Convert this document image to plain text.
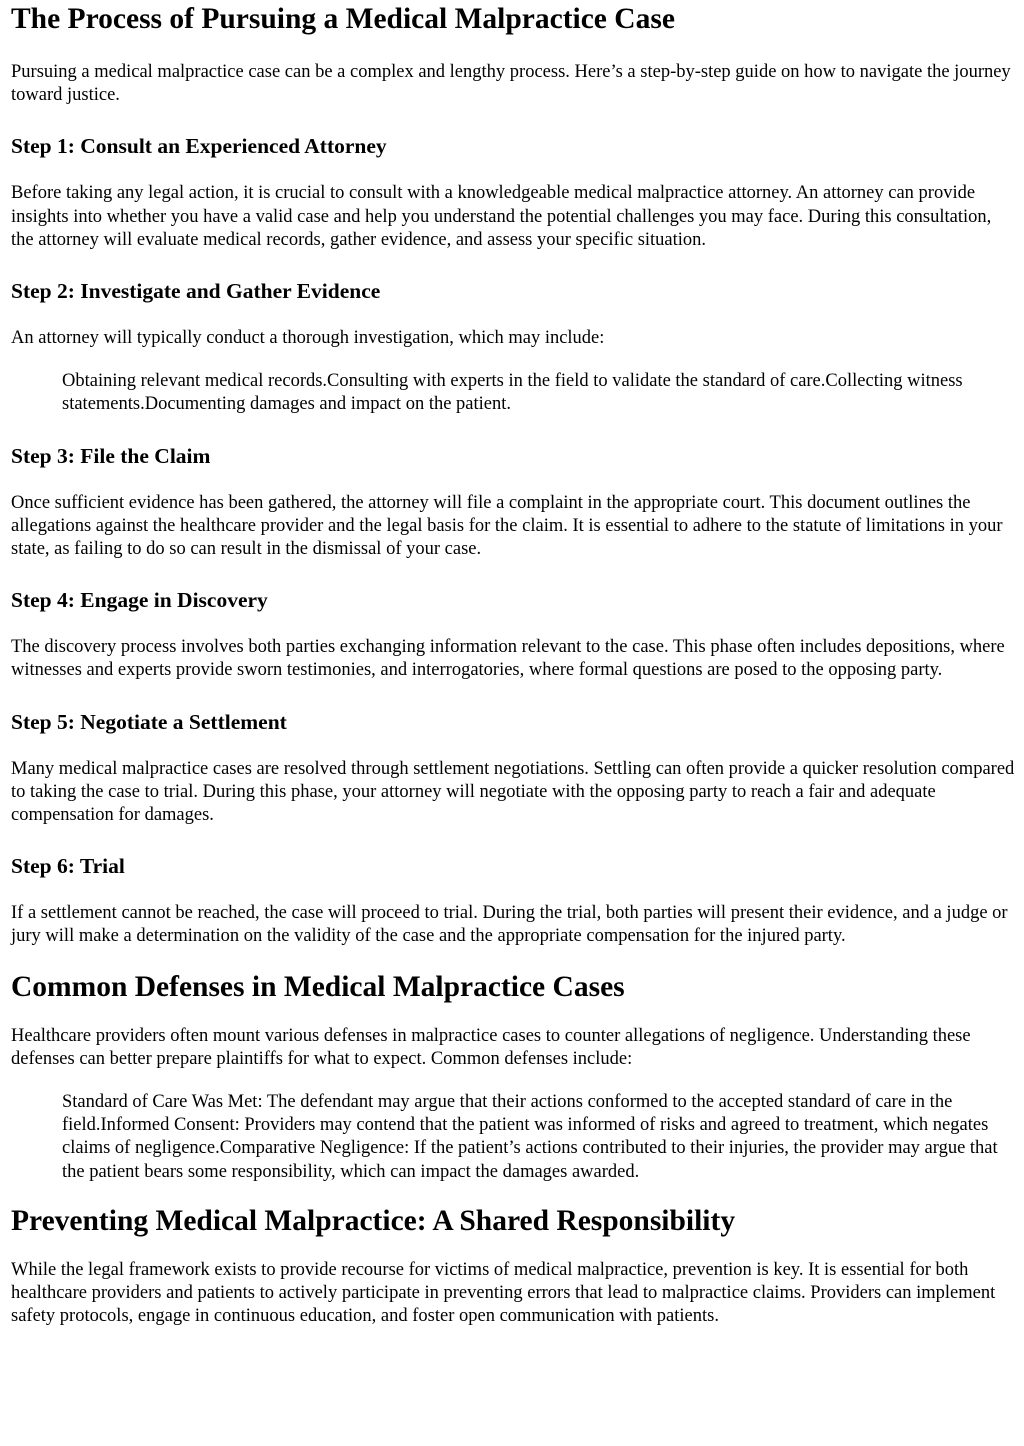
The Process of Pursuing a Medical Malpractice Case

Pursuing a medical malpractice case can be a complex and lengthy process. Here’s a step-by-step guide on how to navigate the journey toward justice.

Step 1: Consult an Experienced Attorney

Before taking any legal action, it is crucial to consult with a knowledgeable medical malpractice attorney. An attorney can provide insights into whether you have a valid case and help you understand the potential challenges you may face. During this consultation, the attorney will evaluate medical records, gather evidence, and assess your specific situation.

Step 2: Investigate and Gather Evidence

An attorney will typically conduct a thorough investigation, which may include:

Obtaining relevant medical records.Consulting with experts in the field to validate the standard of care.Collecting witness statements.Documenting damages and impact on the patient.
Step 3: File the Claim

Once sufficient evidence has been gathered, the attorney will file a complaint in the appropriate court. This document outlines the allegations against the healthcare provider and the legal basis for the claim. It is essential to adhere to the statute of limitations in your state, as failing to do so can result in the dismissal of your case.

Step 4: Engage in Discovery

The discovery process involves both parties exchanging information relevant to the case. This phase often includes depositions, where witnesses and experts provide sworn testimonies, and interrogatories, where formal questions are posed to the opposing party.

Step 5: Negotiate a Settlement

Many medical malpractice cases are resolved through settlement negotiations. Settling can often provide a quicker resolution compared to taking the case to trial. During this phase, your attorney will negotiate with the opposing party to reach a fair and adequate compensation for damages.

Step 6: Trial

If a settlement cannot be reached, the case will proceed to trial. During the trial, both parties will present their evidence, and a judge or jury will make a determination on the validity of the case and the appropriate compensation for the injured party.

Common Defenses in Medical Malpractice Cases

Healthcare providers often mount various defenses in malpractice cases to counter allegations of negligence. Understanding these defenses can better prepare plaintiffs for what to expect. Common defenses include:

Standard of Care Was Met: The defendant may argue that their actions conformed to the accepted standard of care in the field.Informed Consent: Providers may contend that the patient was informed of risks and agreed to treatment, which negates claims of negligence.Comparative Negligence: If the patient’s actions contributed to their injuries, the provider may argue that the patient bears some responsibility, which can impact the damages awarded.
Preventing Medical Malpractice: A Shared Responsibility

While the legal framework exists to provide recourse for victims of medical malpractice, prevention is key. It is essential for both healthcare providers and patients to actively participate in preventing errors that lead to malpractice claims. Providers can implement safety protocols, engage in continuous education, and foster open communication with patients.
